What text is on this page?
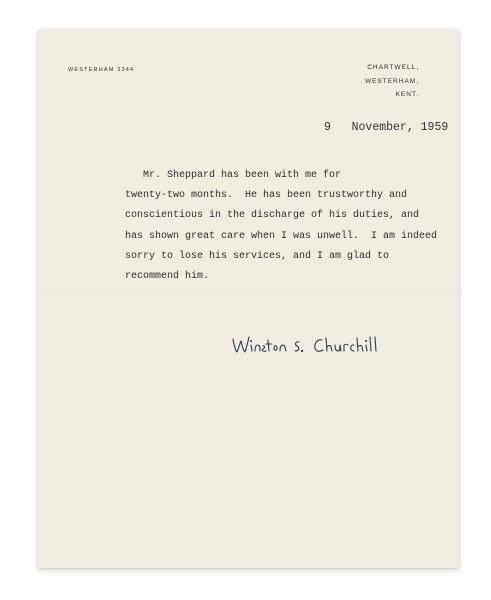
WESTERHAM 3344	CHARTWELL,
WESTERHAM,
KENT.
9 November, 1959
Mr. Sheppard has been with me for
twenty-two months.  He has been trustworthy and
conscientious in the discharge of his duties, and
has shown great care when I was unwell.  I am indeed
sorry to lose his services, and I am glad to
recommend him.
